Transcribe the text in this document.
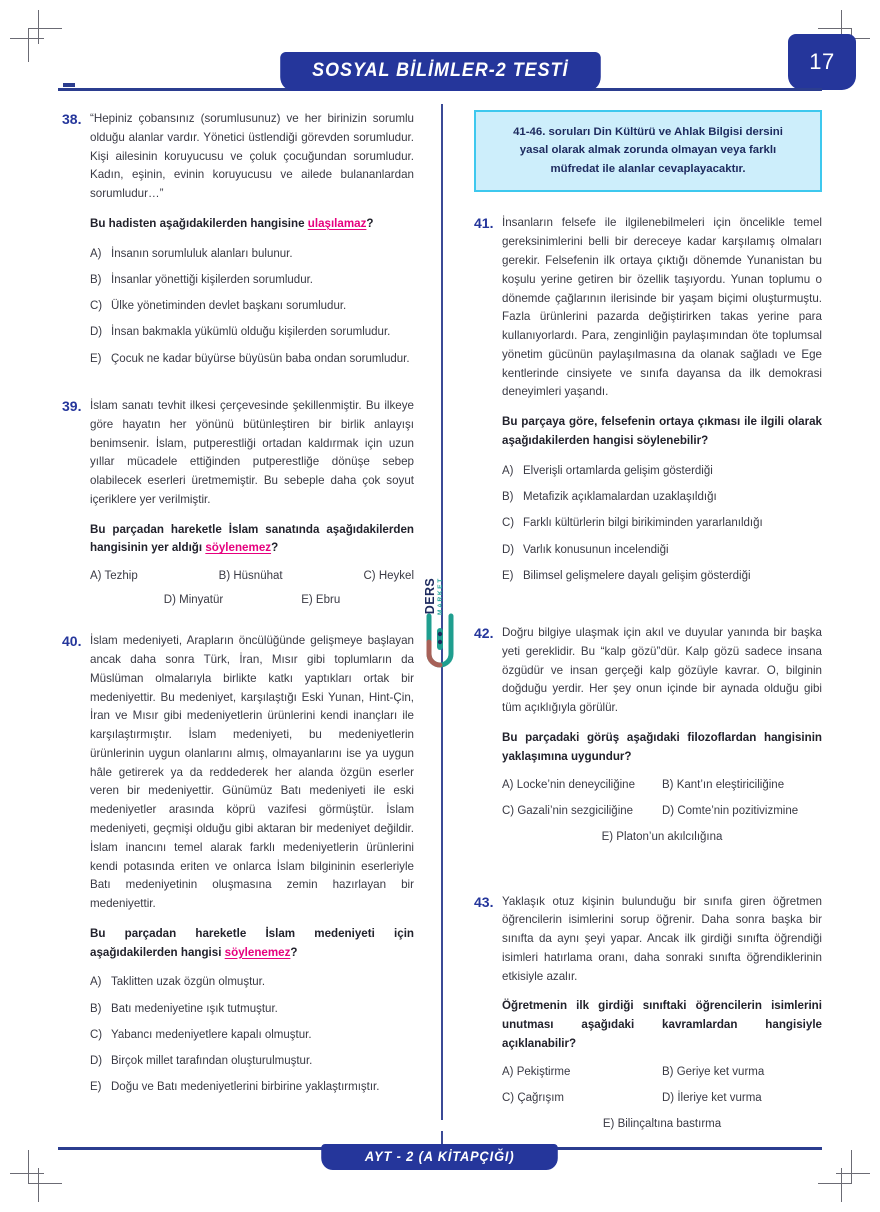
17
SOSYAL BİLİMLER-2 TESTİ
DERS MARKET
38. “Hepiniz çobansınız (sorumlusunuz) ve her birinizin sorumlu olduğu alanlar vardır. Yönetici üstlendiği görevden sorumludur. Kişi ailesinin koruyucusu ve çoluk çocuğundan sorumludur. Kadın, eşinin, evinin koruyucusu ve ailede bulananlardan sorumludur…”

Bu hadisten aşağıdakilerden hangisine ulaşılamaz?

A) İnsanın sorumluluk alanları bulunur.
B) İnsanlar yönettiği kişilerden sorumludur.
C) Ülke yönetiminden devlet başkanı sorumludur.
D) İnsan bakmakla yükümlü olduğu kişilerden sorumludur.
E) Çocuk ne kadar büyürse büyüsün baba ondan sorumludur.
39. İslam sanatı tevhit ilkesi çerçevesinde şekillenmiştir. Bu ilkeye göre hayatın her yönünü bütünleştiren bir birlik anlayışı benimsenir. İslam, putperestliği ortadan kaldırmak için uzun yıllar mücadele ettiğinden putperestliğe dönüşe sebep olabilecek eserleri üretmemiştir. Bu sebeple daha çok soyut içeriklere yer verilmiştir.

Bu parçadan hareketle İslam sanatında aşağıdakilerden hangisinin yer aldığı söylenemez?

A) Tezhip	B) Hüsnühat	C) Heykel
D) Minyatür	E) Ebru
40. İslam medeniyeti, Arapların öncülüğünde gelişmeye başlayan ancak daha sonra Türk, İran, Mısır gibi toplumların da Müslüman olmalarıyla birlikte katkı yaptıkları ortak bir medeniyettir. Bu medeniyet, karşılaştığı Eski Yunan, Hint-Çin, İran ve Mısır gibi medeniyetlerin ürünlerini kendi inançları ile karşılaştırmıştır. İslam medeniyeti, bu medeniyetlerin ürünlerinin uygun olanlarını almış, olmayanlarını ise ya uygun hâle getirerek ya da reddederek her alanda özgün eserler veren bir medeniyettir. Günümüz Batı medeniyeti ile eski medeniyetler arasında köprü vazifesi görmüştür. İslam medeniyeti, geçmişi olduğu gibi aktaran bir medeniyet değildir. İslam inancını temel alarak farklı medeniyetlerin ürünlerini kendi potasında eriten ve onlarca İslam bilgininin eserleriyle Batı medeniyetinin oluşmasına zemin hazırlayan bir medeniyettir.

Bu parçadan hareketle İslam medeniyeti için aşağıdakilerden hangisi söylenemez?

A) Taklitten uzak özgün olmuştur.
B) Batı medeniyetine ışık tutmuştur.
C) Yabancı medeniyetlere kapalı olmuştur.
D) Birçok millet tarafından oluşturulmuştur.
E) Doğu ve Batı medeniyetlerini birbirine yaklaştırmıştır.
41-46. soruları Din Kültürü ve Ahlak Bilgisi dersini
yasal olarak almak zorunda olmayan veya farklı
müfredat ile alanlar cevaplayacaktır.
41. İnsanların felsefe ile ilgilenebilmeleri için öncelikle temel gereksinimlerini belli bir dereceye kadar karşılamış olmaları gerekir. Felsefenin ilk ortaya çıktığı dönemde Yunanistan bu koşulu yerine getiren bir özellik taşıyordu. Yunan toplumu o dönemde çağlarının ilerisinde bir yaşam biçimi oluşturmuştu. Fazla ürünlerini pazarda değiştirirken takas yerine para kullanıyorlardı. Para, zenginliğin paylaşımından öte toplumsal yönetim gücünün paylaşılmasına da olanak sağladı ve Ege kentlerinde cinsiyete ve sınıfa dayansa da ilk demokrasi deneyimleri yaşandı.

Bu parçaya göre, felsefenin ortaya çıkması ile ilgili olarak aşağıdakilerden hangisi söylenebilir?

A) Elverişli ortamlarda gelişim gösterdiği
B) Metafizik açıklamalardan uzaklaşıldığı
C) Farklı kültürlerin bilgi birikiminden yararlanıldığı
D) Varlık konusunun incelendiği
E) Bilimsel gelişmelere dayalı gelişim gösterdiği
42. Doğru bilgiye ulaşmak için akıl ve duyular yanında bir başka yeti gereklidir. Bu “kalp gözü”dür. Kalp gözü sadece insana özgüdür ve insan gerçeği kalp gözüyle kavrar. O, bilginin doğduğu yerdir. Her şey onun içinde bir aynada olduğu gibi tüm açıklığıyla görülür.

Bu parçadaki görüş aşağıdaki filozoflardan hangisinin yaklaşımına uygundur?

A) Locke’nin deneyciliğine	B) Kant’ın eleştiriciliğine
C) Gazali’nin sezgiciliğine	D) Comte’nin pozitivizmine
E) Platon’un akılcılığına
43. Yaklaşık otuz kişinin bulunduğu bir sınıfa giren öğretmen öğrencilerin isimlerini sorup öğrenir. Daha sonra başka bir sınıfta da aynı şeyi yapar. Ancak ilk girdiği sınıfta öğrendiği isimleri hatırlama oranı, daha sonraki sınıfta öğrendiklerinin etkisiyle azalır.

Öğretmenin ilk girdiği sınıftaki öğrencilerin isimlerini unutması aşağıdaki kavramlardan hangisiyle açıklanabilir?

A) Pekiştirme	B) Geriye ket vurma
C) Çağrışım	D) İleriye ket vurma
E) Bilinçaltına bastırma
AYT - 2 (A KİTAPÇIĞI)
